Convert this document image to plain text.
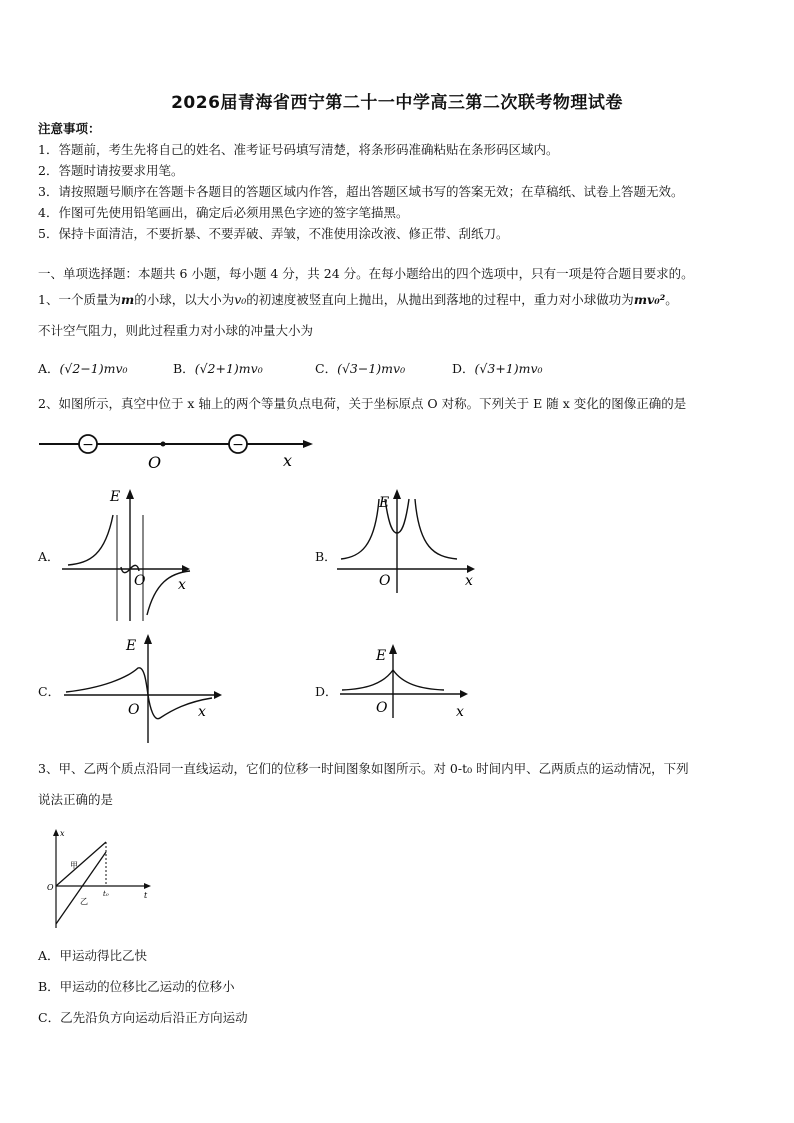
2026届青海省西宁第二十一中学高三第二次联考物理试卷
注意事项：
1．答题前，考生先将自己的姓名、准考证号码填写清楚，将条形码准确粘贴在条形码区域内。
2．答题时请按要求用笔。
3．请按照题号顺序在答题卡各题目的答题区域内作答，超出答题区域书写的答案无效；在草稿纸、试卷上答题无效。
4．作图可先使用铅笔画出，确定后必须用黑色字迹的签字笔描黑。
5．保持卡面清洁，不要折暴、不要弄破、弄皱，不准使用涂改液、修正带、刮纸刀。
一、单项选择题：本题共 6 小题，每小题 4 分，共 24 分。在每小题给出的四个选项中，只有一项是符合题目要求的。
1、一个质量为m的小球，以大小为v₀的初速度被竖直向上抛出，从抛出到落地的过程中，重力对小球做功为mv₀²。
不计空气阻力，则此过程重力对小球的冲量大小为
A．(√2−1)mv₀	B．(√2+1)mv₀	C．(√3−1)mv₀	D．(√3+1)mv₀
2、如图所示，真空中位于 x 轴上的两个等量负点电荷，关于坐标原点 O 对称。下列关于 E 随 x 变化的图像正确的是
−	−
O	x
A．
E
O x
B．
E
O	x
C．
E
O	x
D．
E
O	x
3、甲、乙两个质点沿同一直线运动，它们的位移一时间图象如图所示。对 0-t₀ 时间内甲、乙两质点的运动情况，下列
说法正确的是
x
t
O
t₀
甲
乙
A．甲运动得比乙快
B．甲运动的位移比乙运动的位移小
C．乙先沿负方向运动后沿正方向运动
